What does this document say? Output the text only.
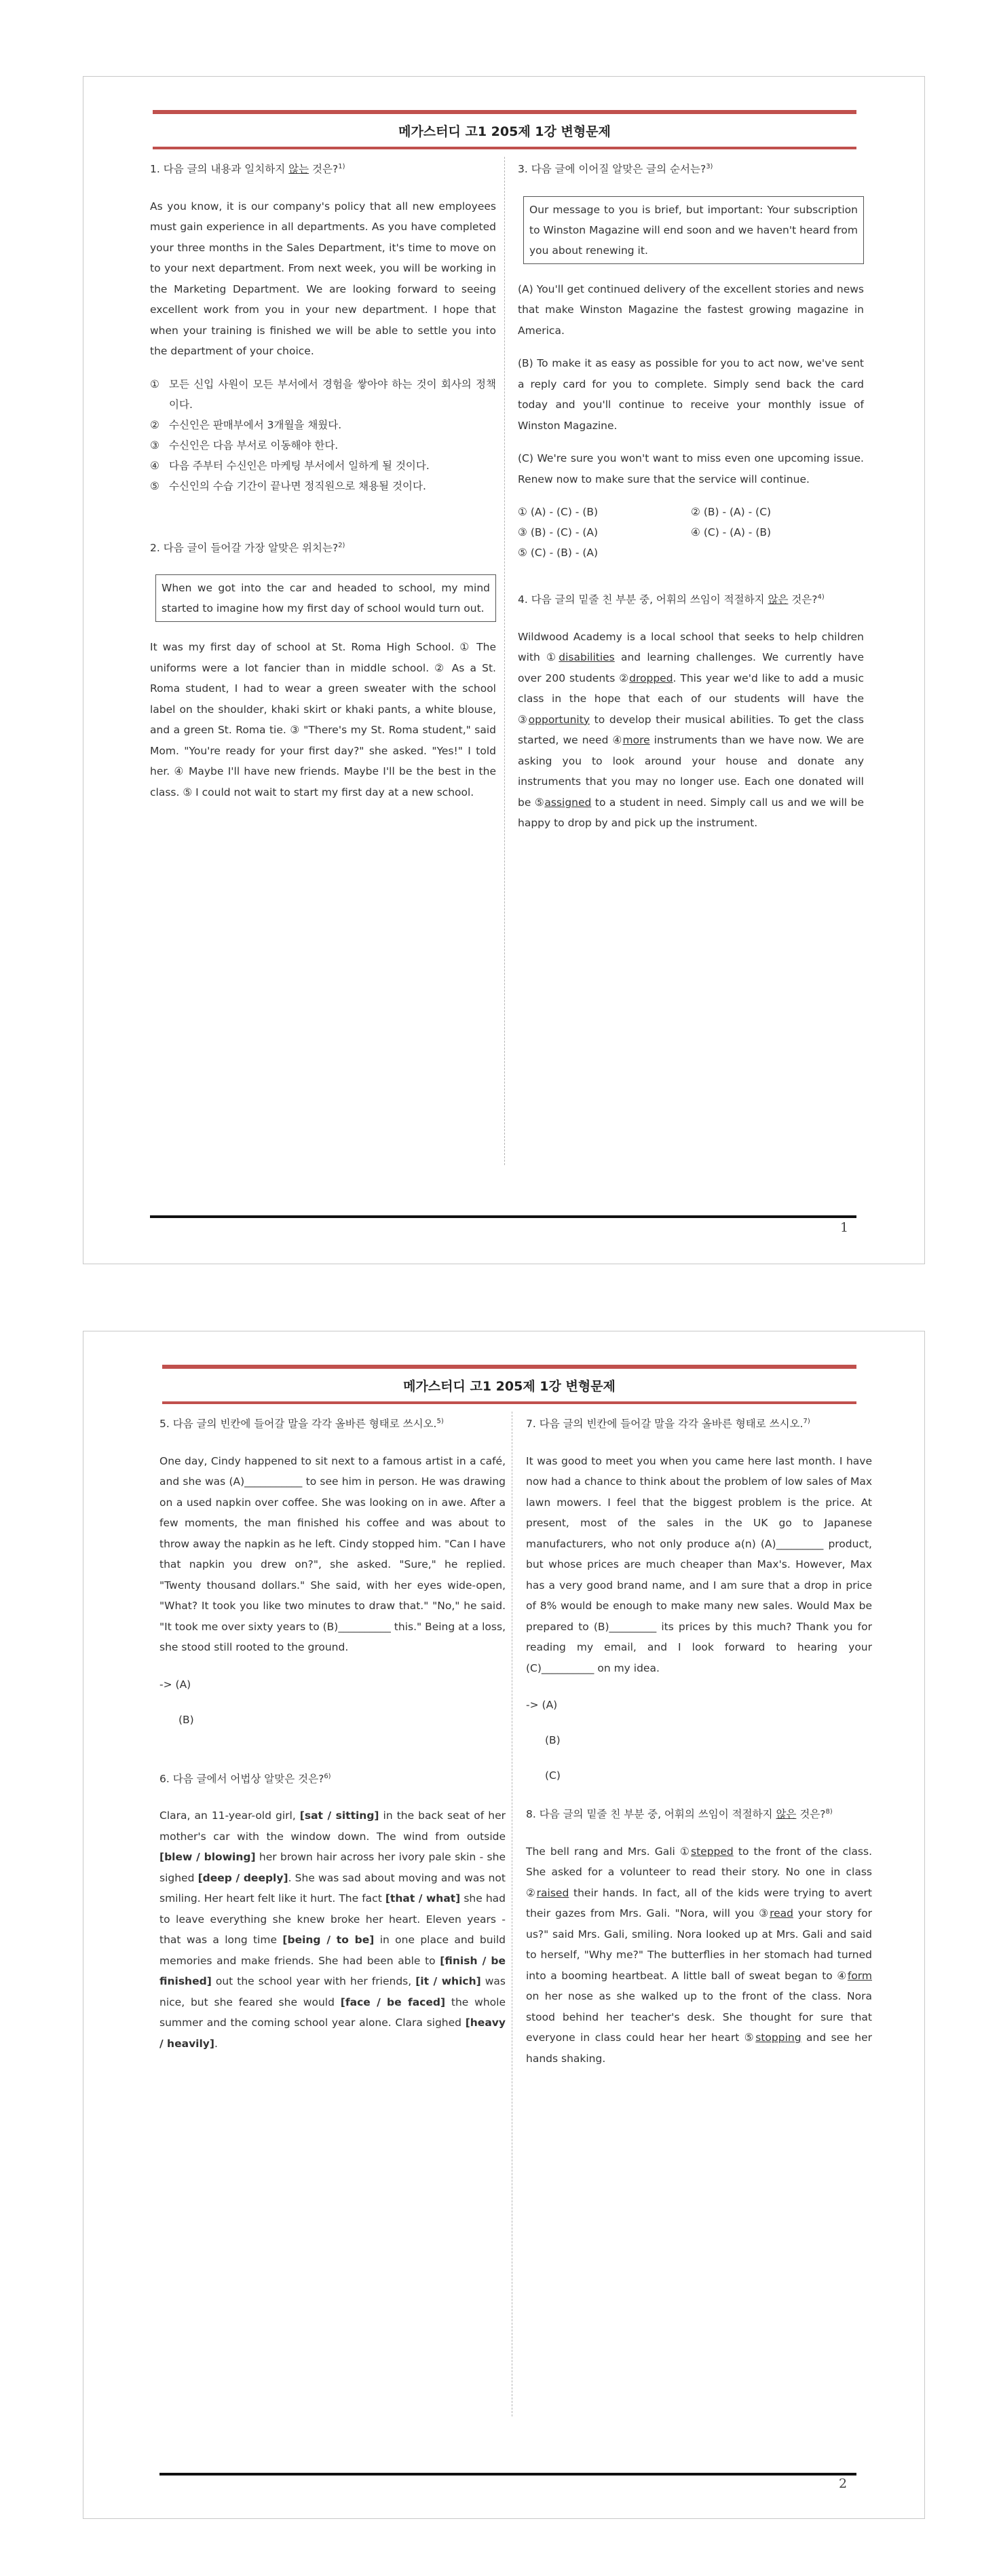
메가스터디 고1 205제 1강 변형문제
1. 다음 글의 내용과 일치하지 않는 것은?$^{1)}$

As you know, it is our company's policy that all new employees must gain experience in all departments. As you have completed your three months in the Sales Department, it's time to move on to your next department. From next week, you will be working in the Marketing Department. We are looking forward to seeing excellent work from you in your new department. I hope that when your training is finished we will be able to settle you into the department of your choice.

① 모든 신입 사원이 모든 부서에서 경험을 쌓아야 하는 것이 회사의 정책이다.
② 수신인은 판매부에서 3개월을 채웠다.
③ 수신인은 다음 부서로 이동해야 한다.
④ 다음 주부터 수신인은 마케팅 부서에서 일하게 될 것이다.
⑤ 수신인의 수습 기간이 끝나면 정직원으로 채용될 것이다.
2. 다음 글이 들어갈 가장 알맞은 위치는?$^{2)}$
When we got into the car and headed to school, my mind started to imagine how my first day of school would turn out.

It was my first day of school at St. Roma High School. ① The uniforms were a lot fancier than in middle school. ② As a St. Roma student, I had to wear a green sweater with the school label on the shoulder, khaki skirt or khaki pants, a white blouse, and a green St. Roma tie. ③ "There's my St. Roma student," said Mom. "You're ready for your first day?" she asked. "Yes!" I told her. ④ Maybe I'll have new friends. Maybe I'll be the best in the class. ⑤ I could not wait to start my first day at a new school.

3. 다음 글에 이어질 알맞은 글의 순서는?$^{3)}$
Our message to you is brief, but important: Your subscription to Winston Magazine will end soon and we haven't heard from you about renewing it.

(A) You'll get continued delivery of the excellent stories and news that make Winston Magazine the fastest growing magazine in America.

(B) To make it as easy as possible for you to act now, we've sent a reply card for you to complete. Simply send back the card today and you'll continue to receive your monthly issue of Winston Magazine.

(C) We're sure you won't want to miss even one upcoming issue. Renew now to make sure that the service will continue.

① (A) - (C) - (B)	② (B) - (A) - (C)
③ (B) - (C) - (A)	④ (C) - (A) - (B)
⑤ (C) - (B) - (A)
4. 다음 글의 밑줄 친 부분 중, 어휘의 쓰임이 적절하지 않은 것은?$^{4)}$

Wildwood Academy is a local school that seeks to help children with ①disabilities and learning challenges. We currently have over 200 students ②dropped. This year we'd like to add a music class in the hope that each of our students will have the ③opportunity to develop their musical abilities. To get the class started, we need ④more instruments than we have now. We are asking you to look around your house and donate any instruments that you may no longer use. Each one donated will be ⑤assigned to a student in need. Simply call us and we will be happy to drop by and pick up the instrument.

1
메가스터디 고1 205제 1강 변형문제
5. 다음 글의 빈칸에 들어갈 말을 각각 올바른 형태로 쓰시오.$^{5)}$

One day, Cindy happened to sit next to a famous artist in a café, and she was (A)___________ to see him in person. He was drawing on a used napkin over coffee. She was looking on in awe. After a few moments, the man finished his coffee and was about to throw away the napkin as he left. Cindy stopped him. "Can I have that napkin you drew on?", she asked. "Sure," he replied. "Twenty thousand dollars." She said, with her eyes wide-open, "What? It took you like two minutes to draw that." "No," he said. "It took me over sixty years to (B)__________ this." Being at a loss, she stood still rooted to the ground.

-> (A)
(B)
6. 다음 글에서 어법상 알맞은 것은?$^{6)}$

Clara, an 11-year-old girl, [sat / sitting] in the back seat of her mother's car with the window down. The wind from outside [blew / blowing] her brown hair across her ivory pale skin - she sighed [deep / deeply]. She was sad about moving and was not smiling. Her heart felt like it hurt. The fact [that / what] she had to leave everything she knew broke her heart. Eleven years - that was a long time [being / to be] in one place and build memories and make friends. She had been able to [finish / be finished] out the school year with her friends, [it / which] was nice, but she feared she would [face / be faced] the whole summer and the coming school year alone. Clara sighed [heavy / heavily].

7. 다음 글의 빈칸에 들어갈 말을 각각 올바른 형태로 쓰시오.$^{7)}$

It was good to meet you when you came here last month. I have now had a chance to think about the problem of low sales of Max lawn mowers. I feel that the biggest problem is the price. At present, most of the sales in the UK go to Japanese manufacturers, who not only produce a(n) (A)_________ product, but whose prices are much cheaper than Max's. However, Max has a very good brand name, and I am sure that a drop in price of 8% would be enough to make many new sales. Would Max be prepared to (B)_________ its prices by this much? Thank you for reading my email, and I look forward to hearing your (C)__________ on my idea.

-> (A)
(B)
(C)
8. 다음 글의 밑줄 친 부분 중, 어휘의 쓰임이 적절하지 않은 것은?$^{8)}$

The bell rang and Mrs. Gali ①stepped to the front of the class. She asked for a volunteer to read their story. No one in class ②raised their hands. In fact, all of the kids were trying to avert their gazes from Mrs. Gali. "Nora, will you ③read your story for us?" said Mrs. Gali, smiling. Nora looked up at Mrs. Gali and said to herself, "Why me?" The butterflies in her stomach had turned into a booming heartbeat. A little ball of sweat began to ④form on her nose as she walked up to the front of the class. Nora stood behind her teacher's desk. She thought for sure that everyone in class could hear her heart ⑤stopping and see her hands shaking.

2
